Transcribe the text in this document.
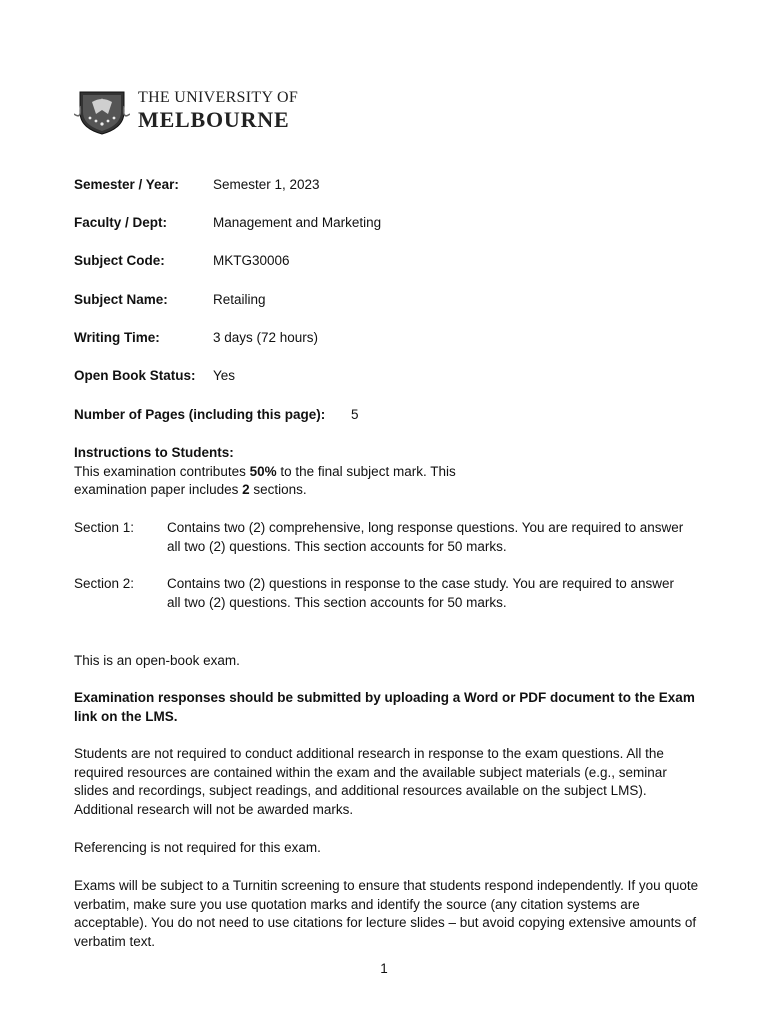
THE UNIVERSITY OF
MELBOURNE
Semester / Year:	Semester 1, 2023
Faculty / Dept:	Management and Marketing
Subject Code:	MKTG30006
Subject Name:	Retailing
Writing Time:	3 days (72 hours)
Open Book Status: Yes
Number of Pages (including this page): 5
Instructions to Students:
This examination contributes 50% to the final subject mark. This
examination paper includes 2 sections.
Section 1: Contains two (2) comprehensive, long response questions. You are required to answer all two (2) questions. This section accounts for 50 marks.
Section 2: Contains two (2) questions in response to the case study. You are required to answer all two (2) questions. This section accounts for 50 marks.
This is an open-book exam.
Examination responses should be submitted by uploading a Word or PDF document to the Exam link on the LMS.
Students are not required to conduct additional research in response to the exam questions. All the required resources are contained within the exam and the available subject materials (e.g., seminar slides and recordings, subject readings, and additional resources available on the subject LMS). Additional research will not be awarded marks.
Referencing is not required for this exam.
Exams will be subject to a Turnitin screening to ensure that students respond independently. If you quote verbatim, make sure you use quotation marks and identify the source (any citation systems are acceptable). You do not need to use citations for lecture slides – but avoid copying extensive amounts of verbatim text.
1
